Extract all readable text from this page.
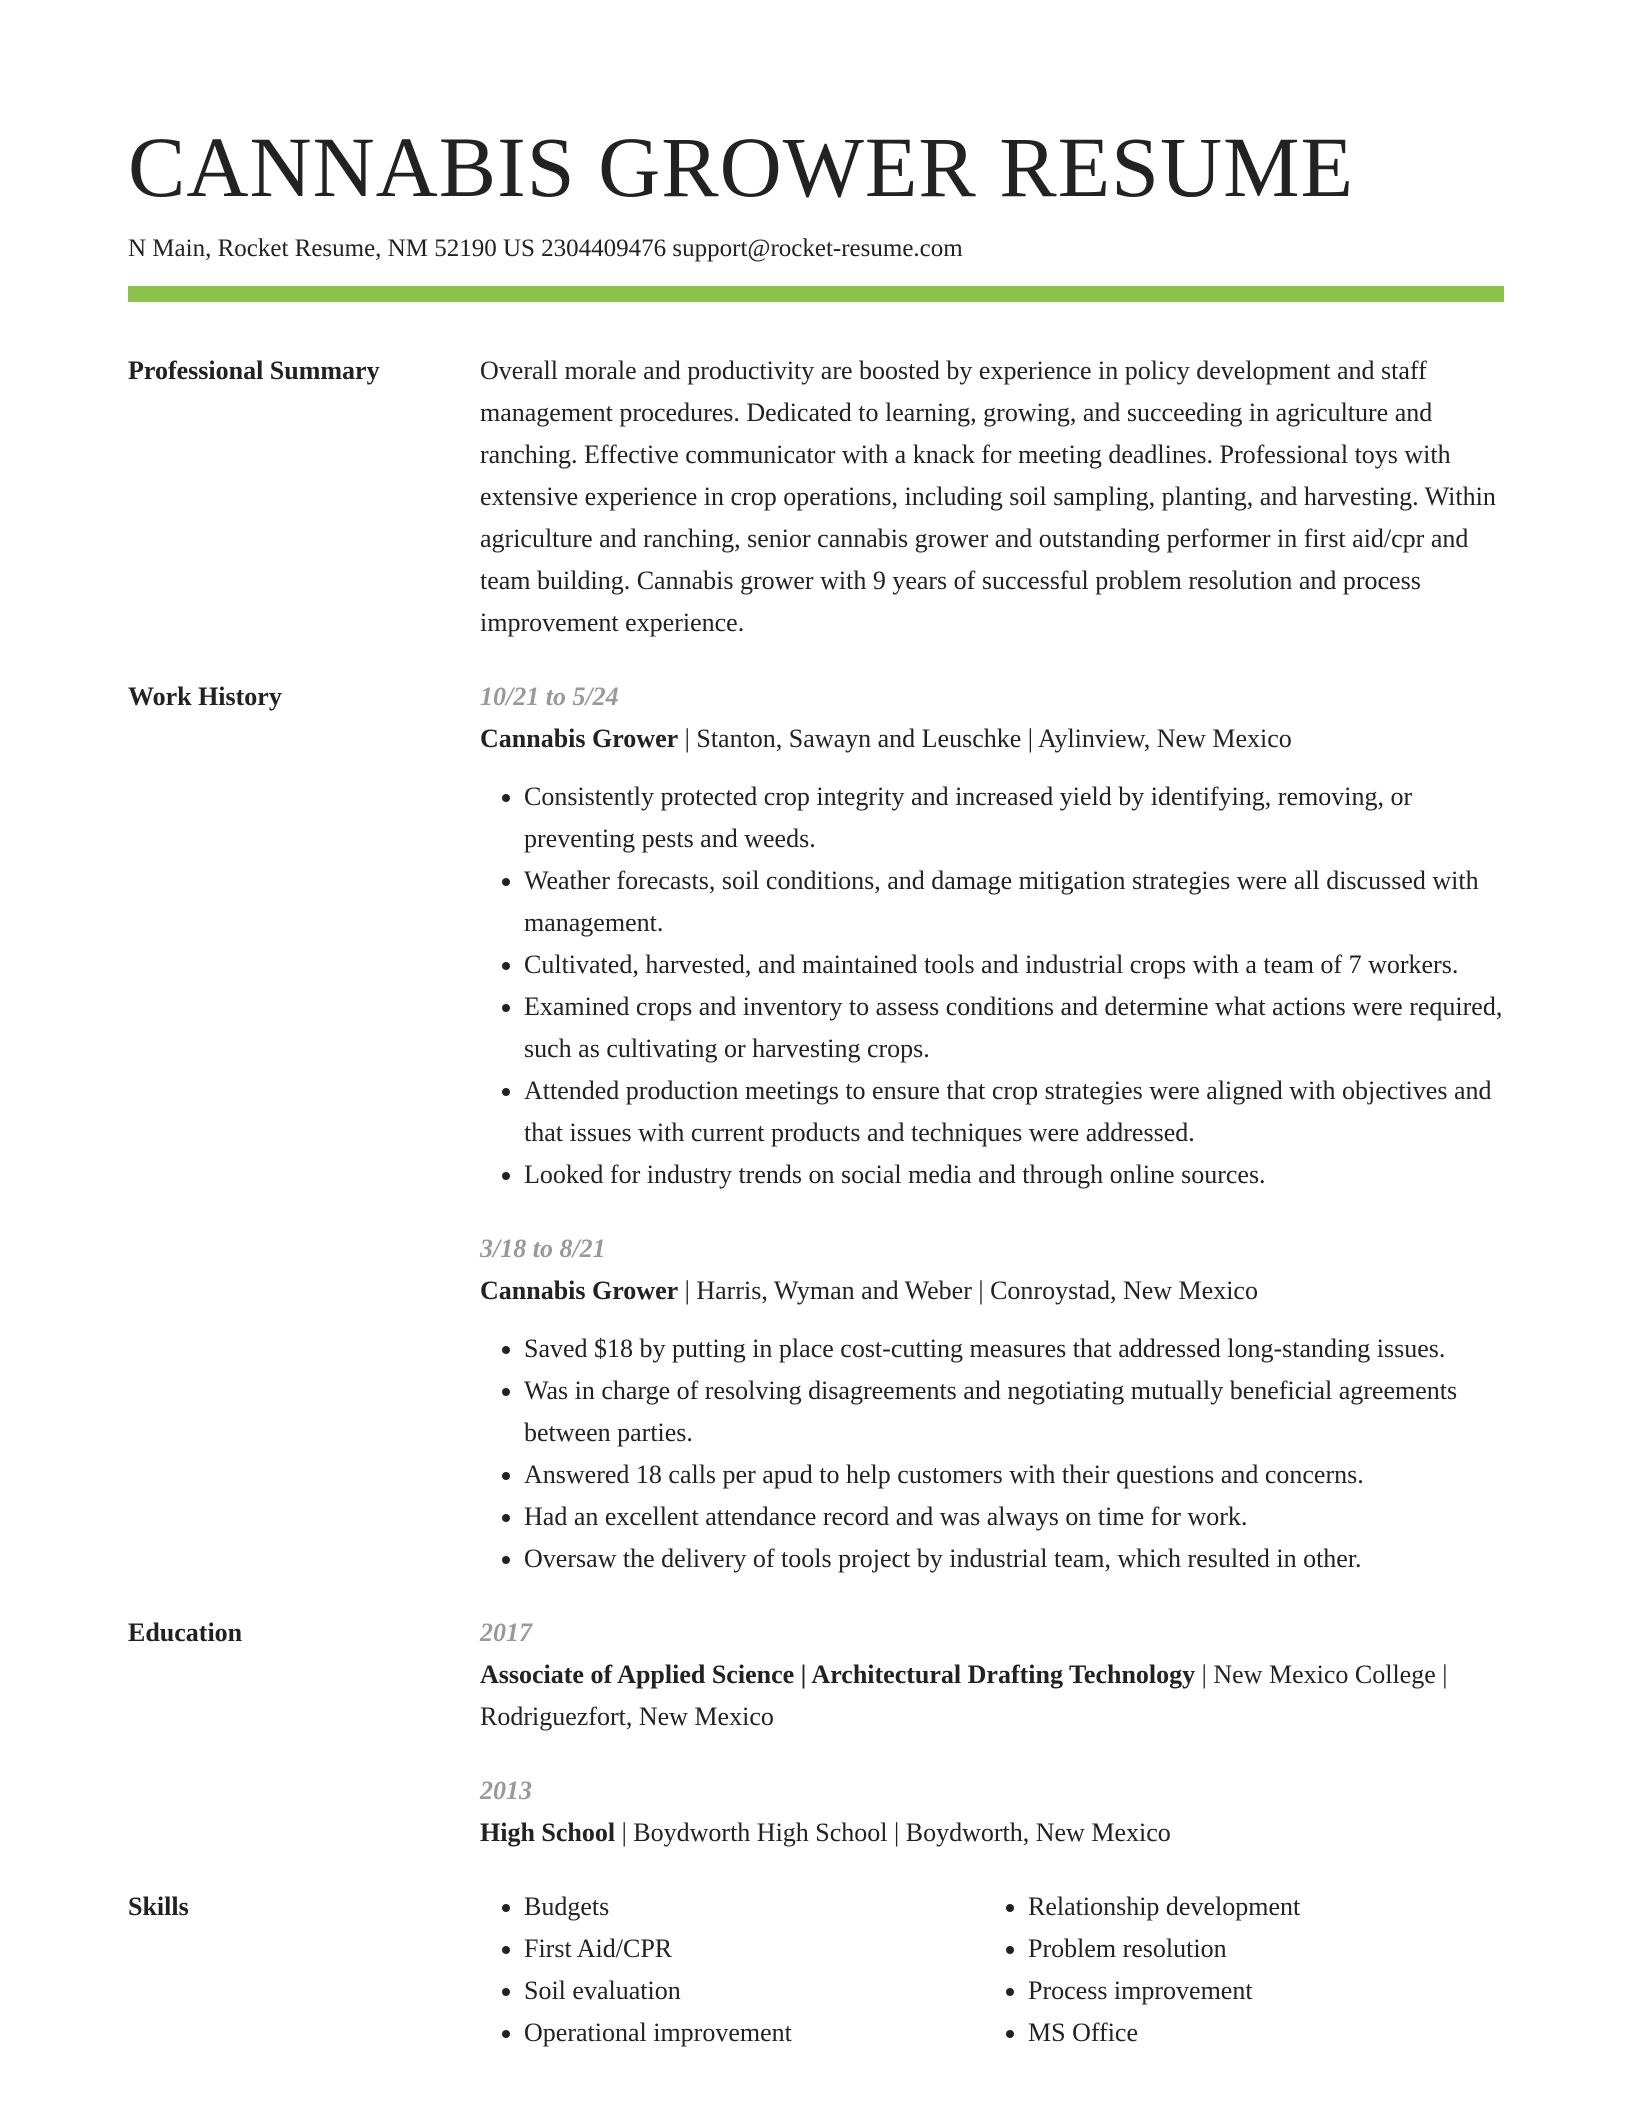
CANNABIS GROWER RESUME
N Main, Rocket Resume, NM 52190 US 2304409476 support@rocket-resume.com
Professional Summary	Overall morale and productivity are boosted by experience in policy development and staff management procedures. Dedicated to learning, growing, and succeeding in agriculture and ranching. Effective communicator with a knack for meeting deadlines. Professional toys with extensive experience in crop operations, including soil sampling, planting, and harvesting. Within agriculture and ranching, senior cannabis grower and outstanding performer in first aid/cpr and team building. Cannabis grower with 9 years of successful problem resolution and process improvement experience.

Work History	10/21 to 5/24

Cannabis Grower | Stanton, Sawayn and Leuschke | Aylinview, New Mexico

• Consistently protected crop integrity and increased yield by identifying, removing, or preventing pests and weeds.
• Weather forecasts, soil conditions, and damage mitigation strategies were all discussed with management.
• Cultivated, harvested, and maintained tools and industrial crops with a team of 7 workers.
• Examined crops and inventory to assess conditions and determine what actions were required, such as cultivating or harvesting crops.
• Attended production meetings to ensure that crop strategies were aligned with objectives and that issues with current products and techniques were addressed.
• Looked for industry trends on social media and through online sources.
3/18 to 8/21

Cannabis Grower | Harris, Wyman and Weber | Conroystad, New Mexico

• Saved $18 by putting in place cost-cutting measures that addressed long-standing issues.
• Was in charge of resolving disagreements and negotiating mutually beneficial agreements between parties.
• Answered 18 calls per apud to help customers with their questions and concerns.
• Had an excellent attendance record and was always on time for work.
• Oversaw the delivery of tools project by industrial team, which resulted in other.
Education	2017

Associate of Applied Science | Architectural Drafting Technology | New Mexico College | Rodriguezfort, New Mexico

2013

High School | Boydworth High School | Boydworth, New Mexico

Skills
•	Budgets
• First Aid/CPR
• Soil evaluation
• Operational improvement
• Relationship development
• Problem resolution
• Process improvement
• MS Office
